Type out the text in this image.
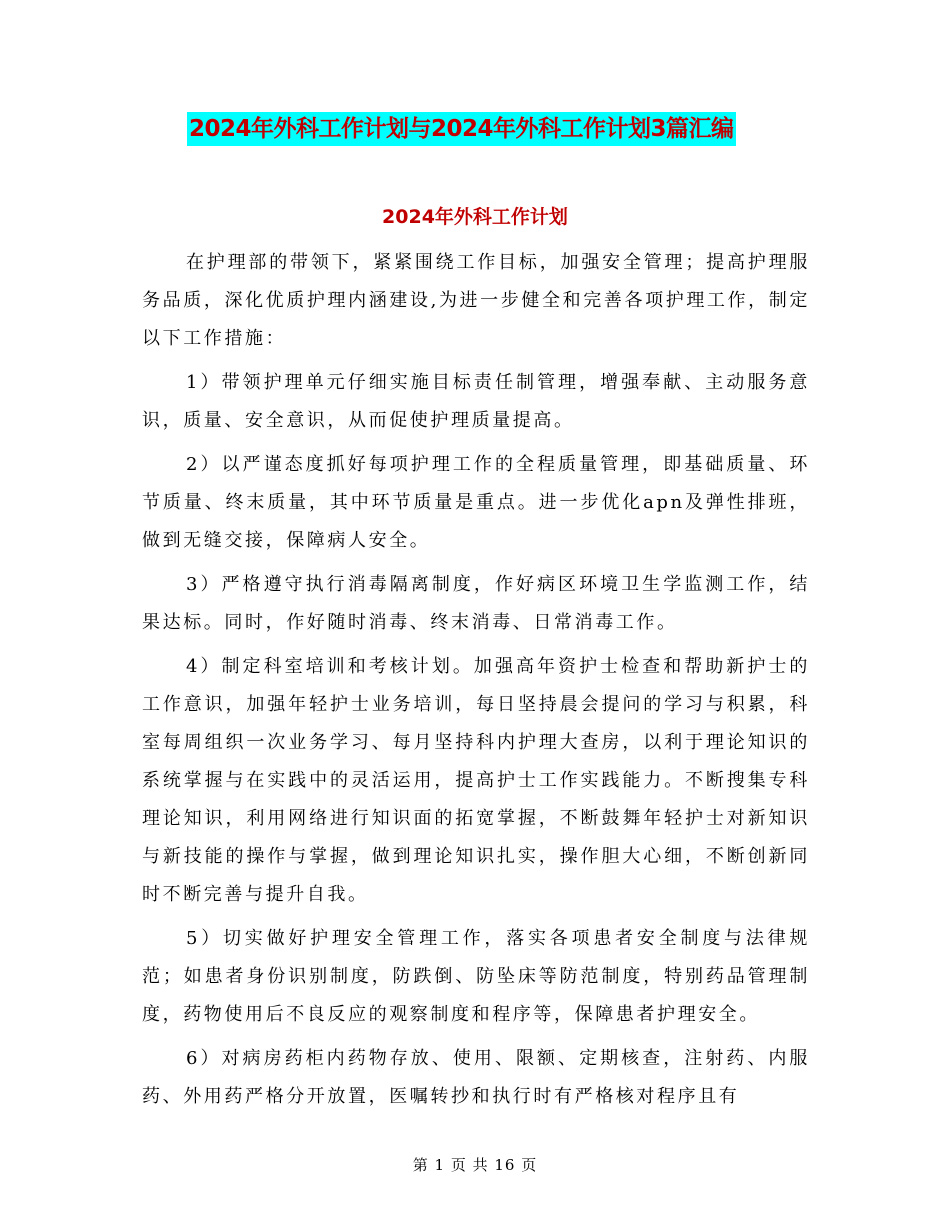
2024年外科工作计划与2024年外科工作计划3篇汇编
2024年外科工作计划

在护理部的带领下，紧紧围绕工作目标，加强安全管理；提高护理服务品质，深化优质护理内涵建设,为进一步健全和完善各项护理工作，制定以下工作措施：

1）带领护理单元仔细实施目标责任制管理，增强奉献、主动服务意识，质量、安全意识，从而促使护理质量提高。

2）以严谨态度抓好每项护理工作的全程质量管理，即基础质量、环节质量、终末质量，其中环节质量是重点。进一步优化apn及弹性排班，做到无缝交接，保障病人安全。

3）严格遵守执行消毒隔离制度，作好病区环境卫生学监测工作，结果达标。同时，作好随时消毒、终末消毒、日常消毒工作。

4）制定科室培训和考核计划。加强高年资护士检查和帮助新护士的工作意识，加强年轻护士业务培训，每日坚持晨会提问的学习与积累，科室每周组织一次业务学习、每月坚持科内护理大查房，以利于理论知识的系统掌握与在实践中的灵活运用，提高护士工作实践能力。不断搜集专科理论知识，利用网络进行知识面的拓宽掌握，不断鼓舞年轻护士对新知识与新技能的操作与掌握，做到理论知识扎实，操作胆大心细，不断创新同时不断完善与提升自我。

5）切实做好护理安全管理工作，落实各项患者安全制度与法律规范；如患者身份识别制度，防跌倒、防坠床等防范制度，特别药品管理制度，药物使用后不良反应的观察制度和程序等，保障患者护理安全。

6）对病房药柜内药物存放、使用、限额、定期核查，注射药、内服药、外用药严格分开放置，医嘱转抄和执行时有严格核对程序且有

第 1 页 共 16 页
